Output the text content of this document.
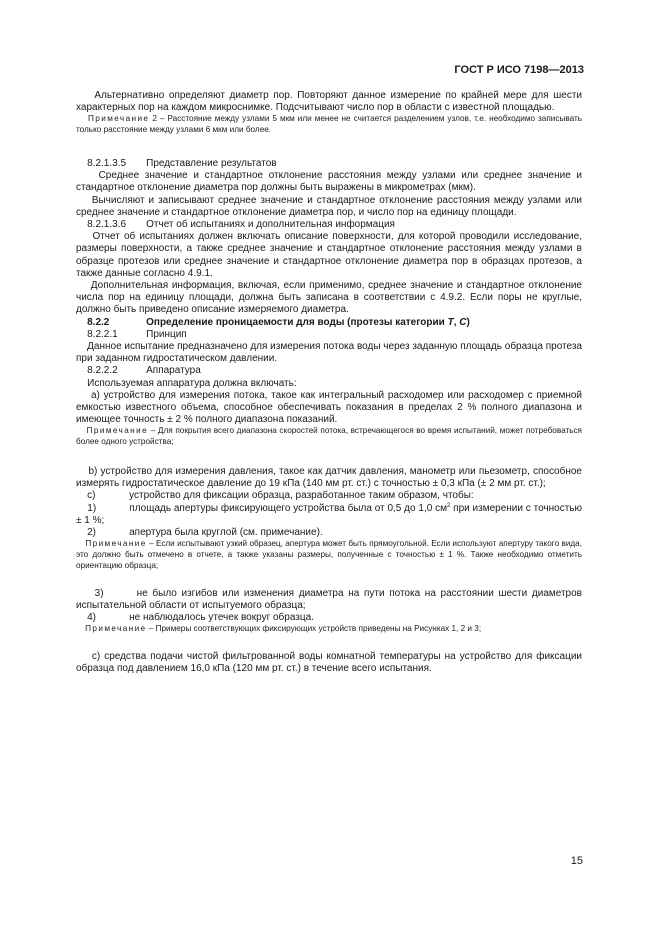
ГОСТ Р ИСО 7198—2013

Альтернативно определяют диаметр пор. Повторяют данное измерение по крайней мере для шести характерных пор на каждом микроснимке. Подсчитывают число пор в области с известной площадью.

Примечание 2 – Расстояние между узлами 5 мкм или менее не считается разделением узлов, т.е. необходимо записывать только расстояние между узлами 6 мкм или более.

8.2.1.3.5 Представление результатов

Среднее значение и стандартное отклонение расстояния между узлами или среднее значение и стандартное отклонение диаметра пор должны быть выражены в микрометрах (мкм).

Вычисляют и записывают среднее значение и стандартное отклонение расстояния между узлами или среднее значение и стандартное отклонение диаметра пор, и число пор на единицу площади.

8.2.1.3.6 Отчет об испытаниях и дополнительная информация

Отчет об испытаниях должен включать описание поверхности, для которой проводили исследование, размеры поверхности, а также среднее значение и стандартное отклонение расстояния между узлами в образце протезов или среднее значение и стандартное отклонение диаметра пор в образцах протезов, а также данные согласно 4.9.1.

Дополнительная информация, включая, если применимо, среднее значение и стандартное отклонение числа пор на единицу площади, должна быть записана в соответствии с 4.9.2. Если поры не круглые, должно быть приведено описание измеряемого диаметра.

8.2.2	Определение проницаемости для воды (протезы категории Т, С)

8.2.2.1	Принцип

Данное испытание предназначено для измерения потока воды через заданную площадь образца протеза при заданном гидростатическом давлении.

8.2.2.2	Аппаратура

Используемая аппаратура должна включать:

а) устройство для измерения потока, такое как интегральный расходомер или расходомер с приемной емкостью известного объема, способное обеспечивать показания в пределах 2 % полного диапазона и имеющее точность ± 2 % полного диапазона показаний.

Примечание – Для покрытия всего диапазона скоростей потока, встречающегося во время испытаний, может потребоваться более одного устройства;

b) устройство для измерения давления, такое как датчик давления, манометр или пьезометр, способное измерять гидростатическое давление до 19 кПа (140 мм рт. ст.) с точностью ± 0,3 кПа (± 2 мм рт. ст.);

c)	устройство для фиксации образца, разработанное таким образом, чтобы:

1)	площадь апертуры фиксирующего устройства была от 0,5 до 1,0 $см^2$ при измерении с точностью ± 1 %;

2)	апертура была круглой (см. примечание).

Примечание – Если испытывают узкий образец, апертура может быть прямоугольной. Если используют апертуру такого вида, это должно быть отмечено в отчете, а также указаны размеры, полученные с точностью ± 1 %. Также необходимо отметить ориентацию образца;

3)	не было изгибов или изменения диаметра на пути потока на расстоянии шести диаметров испытательной области от испытуемого образца;

4)	не наблюдалось утечек вокруг образца.

Примечание – Примеры соответствующих фиксирующих устройств приведены на Рисунках 1, 2 и 3;

с) средства подачи чистой фильтрованной воды комнатной температуры на устройство для фиксации образца под давлением 16,0 кПа (120 мм рт. ст.) в течение всего испытания.

15
